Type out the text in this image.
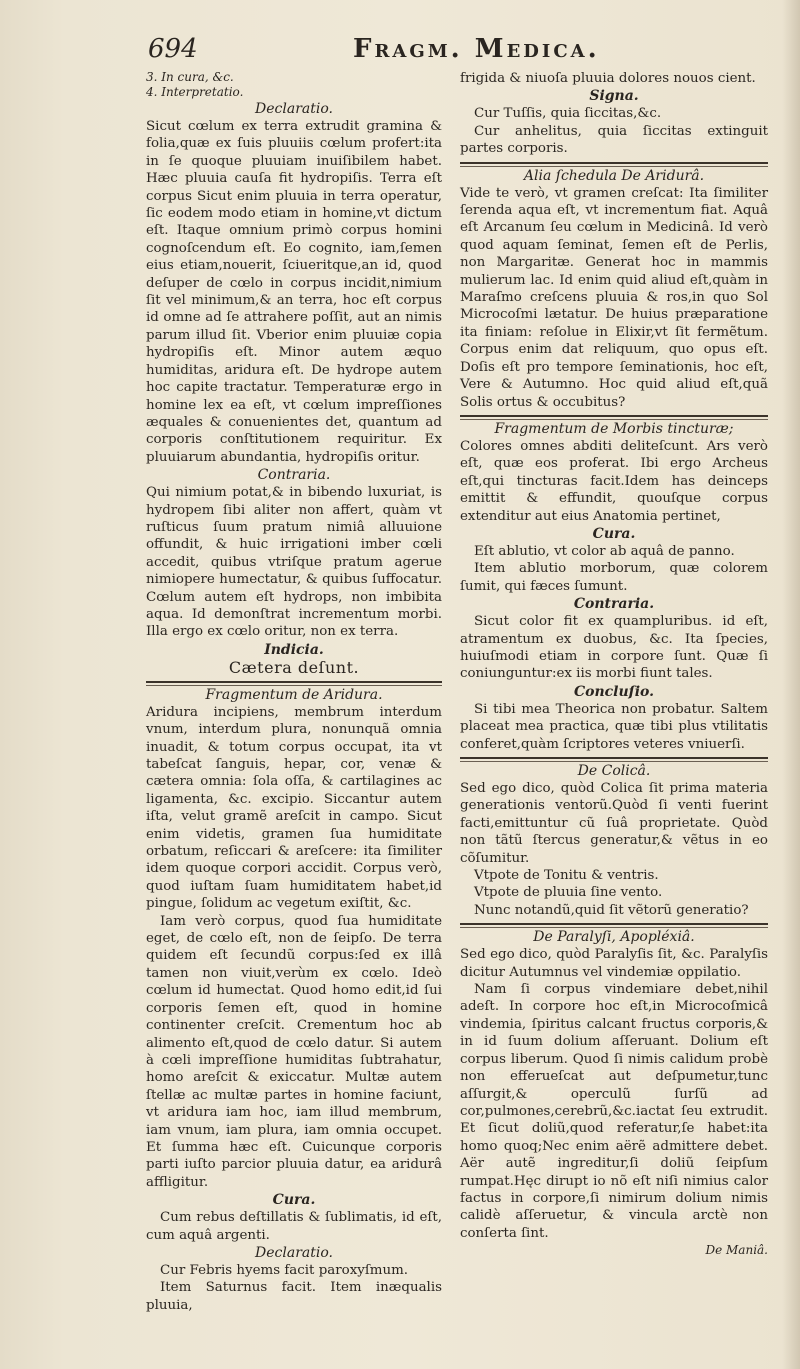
694	Fragm. Medica.

3. In cura, &c.

4. Interpretatio.

Declaratio.

Sicut cœlum ex terra extrudit gramina & folia,quæ ex ſuis pluuiis cœlum profert:ita in ſe quoque pluuiam inuiſibilem habet. Hæc pluuia cauſa fit hydropiſis. Terra eſt corpus Sicut enim pluuia in terra operatur, ſic eodem modo etiam in homine,vt dictum eſt. Itaque omnium primò corpus homini cognoſcendum eſt. Eo cognito, iam,ſemen eius etiam,nouerit, ſciueritque,an id, quod deſuper de cœlo in corpus incidit,nimium ſit vel minimum,& an terra, hoc eſt corpus id omne ad ſe attrahere poſſit, aut an nimis parum illud ſit. Vberior enim pluuiæ copia hydropiſis eſt. Minor autem æquo humiditas, aridura eſt. De hydrope autem hoc capite tractatur. Temperaturæ ergo in homine lex ea eſt, vt cœlum impreſſiones æquales & conuenientes det, quantum ad corporis conſtitutionem requiritur. Ex pluuiarum abundantia, hydropiſis oritur.

Contraria.

Qui nimium potat,& in bibendo luxuriat, is hydropem ſibi aliter non affert, quàm vt ruſticus ſuum pratum nimiâ alluuione offundit, & huic irrigationi imber cœli accedit, quibus vtriſque pratum agerue nimiopere humectatur, & quibus ſuffocatur. Cœlum autem eſt hydrops, non imbibita aqua. Id demonſtrat incrementum morbi. Illa ergo ex cœlo oritur, non ex terra.

Indicia.

Cætera deſunt.

Fragmentum de Aridura.

Aridura incipiens, membrum interdum vnum, interdum plura, nonunquã omnia inuadit, & totum corpus occupat, ita vt tabeſcat ſanguis, hepar, cor, venæ & cætera omnia: ſola oſſa, & cartilagines ac ligamenta, &c. excipio. Siccantur autem iſta, velut gramẽ areſcit in campo. Sicut enim videtis, gramen ſua humiditate orbatum, reſiccari & areſcere: ita ſimiliter idem quoque corpori accidit. Corpus verò, quod iuſtam ſuam humiditatem habet,id pingue, ſolidum ac vegetum exiſtit, &c.

Iam verò corpus, quod ſua humiditate eget, de cœlo eſt, non de ſeipſo. De terra quidem eſt ſecundũ corpus:ſed ex illâ tamen non viuit,verùm ex cœlo. Ideò cœlum id humectat. Quod homo edit,id ſui corporis ſemen eſt, quod in homine continenter creſcit. Crementum hoc ab alimento eſt,quod de cœlo datur. Si autem à cœli impreſſione humiditas ſubtrahatur, homo areſcit & exiccatur. Multæ autem ſtellæ ac multæ partes in homine faciunt, vt aridura iam hoc, iam illud membrum, iam vnum, iam plura, iam omnia occupet. Et ſumma hæc eſt. Cuicunque corporis parti iuſto parcior pluuia datur, ea aridurâ affligitur.

Cura.

Cum rebus deſtillatis & ſublimatis, id eſt, cum aquâ argenti.

Declaratio.

Cur Febris hyems facit paroxyſmum.

Item Saturnus facit. Item inæqualis pluuia,

frigida & niuoſa pluuia dolores nouos cient.

Signa.

Cur Tuſſis, quia ſiccitas,&c.

Cur anhelitus, quia ſiccitas extinguit partes corporis.

Alia ſchedula De Aridurâ.

Vide te verò, vt gramen creſcat: Ita ſimiliter ſerenda aqua eſt, vt incrementum fiat. Aquâ eſt Arcanum ſeu cœlum in Medicinâ. Id verò quod aquam ſeminat, ſemen eſt de Perlis, non Margaritæ. Generat hoc in mammis mulierum lac. Id enim quid aliud eſt,quàm in Maraſmo creſcens pluuia & ros,in quo Sol Microcoſmi lætatur. De huius præparatione ita finiam: reſolue in Elixir,vt ſit fermẽtum. Corpus enim dat reliquum, quo opus eſt. Doſis eſt pro tempore ſeminationis, hoc eſt, Vere & Autumno. Hoc quid aliud eſt,quã Solis ortus & occubitus?

Fragmentum de Morbis tincturæ;

Colores omnes abditi deliteſcunt. Ars verò eſt, quæ eos proferat. Ibi ergo Archeus eſt,qui tincturas facit.Idem has deinceps emittit & effundit, quouſque corpus extenditur aut eius Anatomia pertinet,

Cura.

Eſt ablutio, vt color ab aquâ de panno.

Item ablutio morborum, quæ colorem ſumit, qui fæces ſumunt.

Contraria.

Sicut color fit ex quampluribus. id eſt, atramentum ex duobus, &c. Ita ſpecies, huiuſmodi etiam in corpore ſunt. Quæ ſi coniunguntur:ex iis morbi fiunt tales.

Concluſio.

Si tibi mea Theorica non probatur. Saltem placeat mea practica, quæ tibi plus vtilitatis conferet,quàm ſcriptores veteres vniuerſi.

De Colicâ.

Sed ego dico, quòd Colica ſit prima materia generationis ventorũ.Quòd ſi venti fuerint facti,emittuntur cũ ſuâ proprietate. Quòd non tãtũ ſtercus generatur,& vẽtus in eo cõſumitur.

Vtpote de Tonitu & ventris.

Vtpote de pluuia ſine vento.

Nunc notandũ,quid ſit vẽtorũ generatio?

De Paralyſi, Apopléxiâ.

Sed ego dico, quòd Paralyſis ſit, &c. Paralyſis dicitur Autumnus vel vindemiæ oppilatio.

Nam ſi corpus vindemiare debet,nihil adeſt. In corpore hoc eſt,in Microcoſmicâ vindemia, ſpiritus calcant fructus corporis,& in id ſuum dolium aſſeruant. Dolium eſt corpus liberum. Quod ſi nimis calidum probè non efferueſcat aut deſpumetur,tunc aſſurgit,& operculũ ſurſũ ad cor,pulmones,cerebrũ,&c.iactat ſeu extrudit. Et ſicut doliũ,quod referatur,ſe habet:ita homo quoq;Nec enim aërẽ admittere debet. Aër autẽ ingreditur,ſi doliũ ſeipſum rumpat.Hęc dirupt io nõ eſt niſi nimius calor factus in corpore,ſi nimirum dolium nimis calidè aſſeruetur, & vincula arctè non conſerta ſint.

De Maniâ.
